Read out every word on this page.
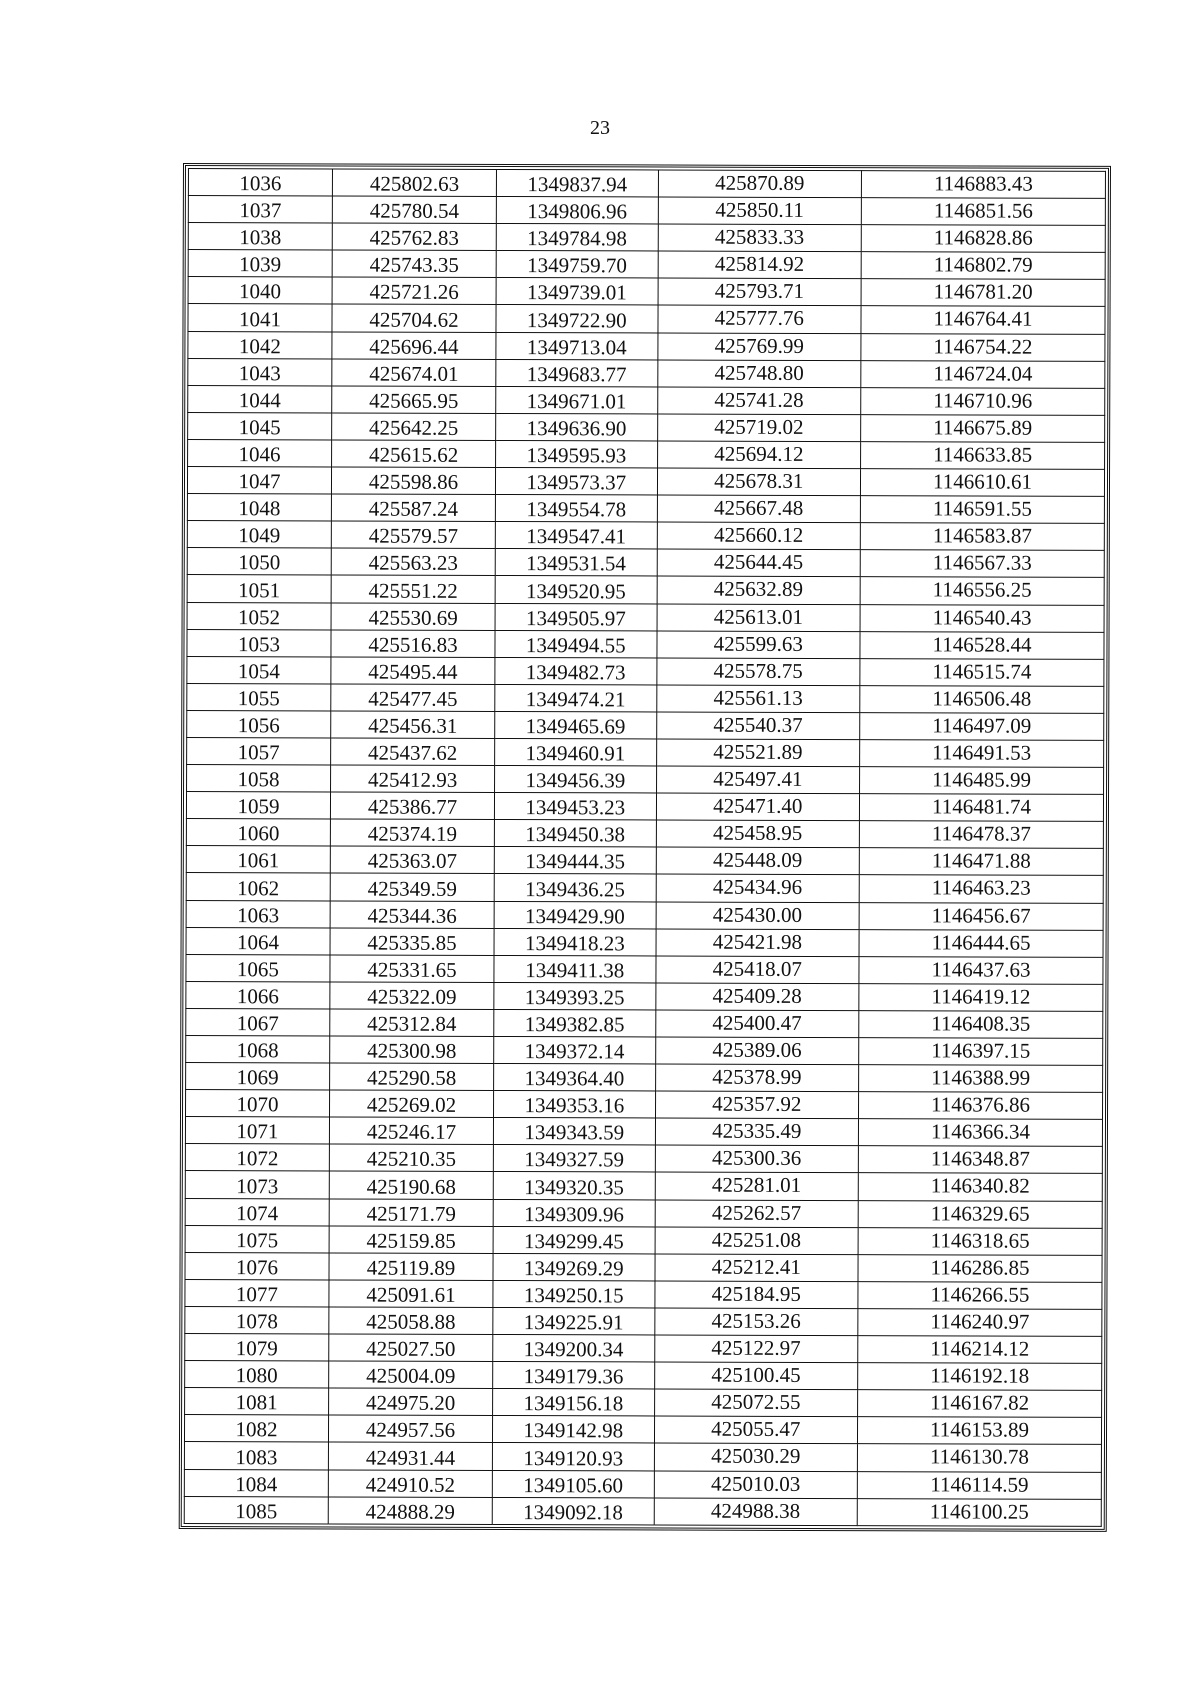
23
1036	425802.63	1349837.94	425870.89	1146883.43
1037	425780.54	1349806.96	425850.11	1146851.56
1038	425762.83	1349784.98	425833.33	1146828.86
1039	425743.35	1349759.70	425814.92	1146802.79
1040	425721.26	1349739.01	425793.71	1146781.20
1041	425704.62	1349722.90	425777.76	1146764.41
1042	425696.44	1349713.04	425769.99	1146754.22
1043	425674.01	1349683.77	425748.80	1146724.04
1044	425665.95	1349671.01	425741.28	1146710.96
1045	425642.25	1349636.90	425719.02	1146675.89
1046	425615.62	1349595.93	425694.12	1146633.85
1047	425598.86	1349573.37	425678.31	1146610.61
1048	425587.24	1349554.78	425667.48	1146591.55
1049	425579.57	1349547.41	425660.12	1146583.87
1050	425563.23	1349531.54	425644.45	1146567.33
1051	425551.22	1349520.95	425632.89	1146556.25
1052	425530.69	1349505.97	425613.01	1146540.43
1053	425516.83	1349494.55	425599.63	1146528.44
1054	425495.44	1349482.73	425578.75	1146515.74
1055	425477.45	1349474.21	425561.13	1146506.48
1056	425456.31	1349465.69	425540.37	1146497.09
1057	425437.62	1349460.91	425521.89	1146491.53
1058	425412.93	1349456.39	425497.41	1146485.99
1059	425386.77	1349453.23	425471.40	1146481.74
1060	425374.19	1349450.38	425458.95	1146478.37
1061	425363.07	1349444.35	425448.09	1146471.88
1062	425349.59	1349436.25	425434.96	1146463.23
1063	425344.36	1349429.90	425430.00	1146456.67
1064	425335.85	1349418.23	425421.98	1146444.65
1065	425331.65	1349411.38	425418.07	1146437.63
1066	425322.09	1349393.25	425409.28	1146419.12
1067	425312.84	1349382.85	425400.47	1146408.35
1068	425300.98	1349372.14	425389.06	1146397.15
1069	425290.58	1349364.40	425378.99	1146388.99
1070	425269.02	1349353.16	425357.92	1146376.86
1071	425246.17	1349343.59	425335.49	1146366.34
1072	425210.35	1349327.59	425300.36	1146348.87
1073	425190.68	1349320.35	425281.01	1146340.82
1074	425171.79	1349309.96	425262.57	1146329.65
1075	425159.85	1349299.45	425251.08	1146318.65
1076	425119.89	1349269.29	425212.41	1146286.85
1077	425091.61	1349250.15	425184.95	1146266.55
1078	425058.88	1349225.91	425153.26	1146240.97
1079	425027.50	1349200.34	425122.97	1146214.12
1080	425004.09	1349179.36	425100.45	1146192.18
1081	424975.20	1349156.18	425072.55	1146167.82
1082	424957.56	1349142.98	425055.47	1146153.89
1083	424931.44	1349120.93	425030.29	1146130.78
1084	424910.52	1349105.60	425010.03	1146114.59
1085	424888.29	1349092.18	424988.38	1146100.25
